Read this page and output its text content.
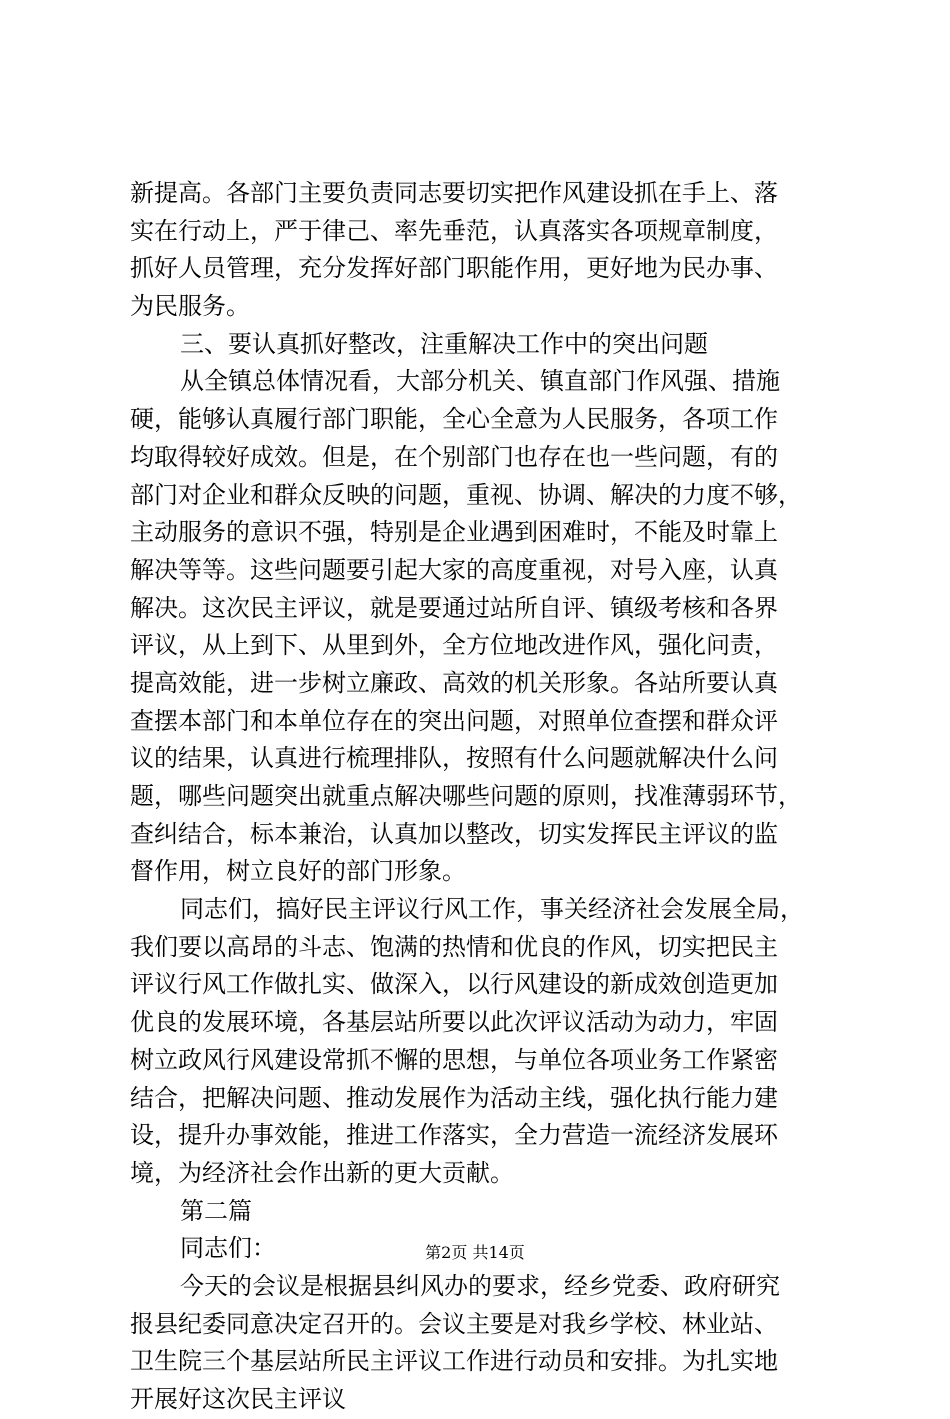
新提高。各部门主要负责同志要切实把作风建设抓在手上、落
实在行动上，严于律己、率先垂范，认真落实各项规章制度，
抓好人员管理，充分发挥好部门职能作用，更好地为民办事、
为民服务。
三、要认真抓好整改，注重解决工作中的突出问题
从全镇总体情况看，大部分机关、镇直部门作风强、措施
硬，能够认真履行部门职能，全心全意为人民服务，各项工作
均取得较好成效。但是，在个别部门也存在也一些问题，有的
部门对企业和群众反映的问题，重视、协调、解决的力度不够，
主动服务的意识不强，特别是企业遇到困难时，不能及时靠上
解决等等。这些问题要引起大家的高度重视，对号入座，认真
解决。这次民主评议，就是要通过站所自评、镇级考核和各界
评议，从上到下、从里到外，全方位地改进作风，强化问责，
提高效能，进一步树立廉政、高效的机关形象。各站所要认真
查摆本部门和本单位存在的突出问题，对照单位查摆和群众评
议的结果，认真进行梳理排队，按照有什么问题就解决什么问
题，哪些问题突出就重点解决哪些问题的原则，找准薄弱环节，
查纠结合，标本兼治，认真加以整改，切实发挥民主评议的监
督作用，树立良好的部门形象。
同志们，搞好民主评议行风工作，事关经济社会发展全局，
我们要以高昂的斗志、饱满的热情和优良的作风，切实把民主
评议行风工作做扎实、做深入，以行风建设的新成效创造更加
优良的发展环境，各基层站所要以此次评议活动为动力，牢固
树立政风行风建设常抓不懈的思想，与单位各项业务工作紧密
结合，把解决问题、推动发展作为活动主线，强化执行能力建
设，提升办事效能，推进工作落实，全力营造一流经济发展环
境，为经济社会作出新的更大贡献。
第二篇
同志们：
今天的会议是根据县纠风办的要求，经乡党委、政府研究
报县纪委同意决定召开的。会议主要是对我乡学校、林业站、
卫生院三个基层站所民主评议工作进行动员和安排。为扎实地
开展好这次民主评议
第2页 共14页
